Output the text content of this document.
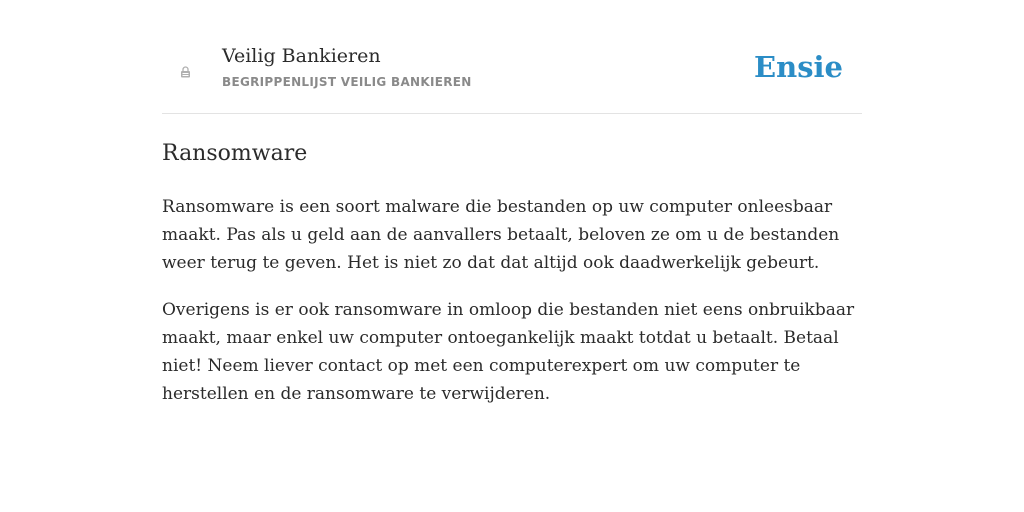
Veilig Bankieren
BEGRIPPENLIJST VEILIG BANKIEREN	Ensie
Ransomware

Ransomware is een soort malware die bestanden op uw computer onleesbaar maakt. Pas als u geld aan de aanvallers betaalt, beloven ze om u de bestanden weer terug te geven. Het is niet zo dat dat altijd ook daadwerkelijk gebeurt.

Overigens is er ook ransomware in omloop die bestanden niet eens onbruikbaar maakt, maar enkel uw computer ontoegankelijk maakt totdat u betaalt. Betaal niet! Neem liever contact op met een computerexpert om uw computer te herstellen en de ransomware te verwijderen.
